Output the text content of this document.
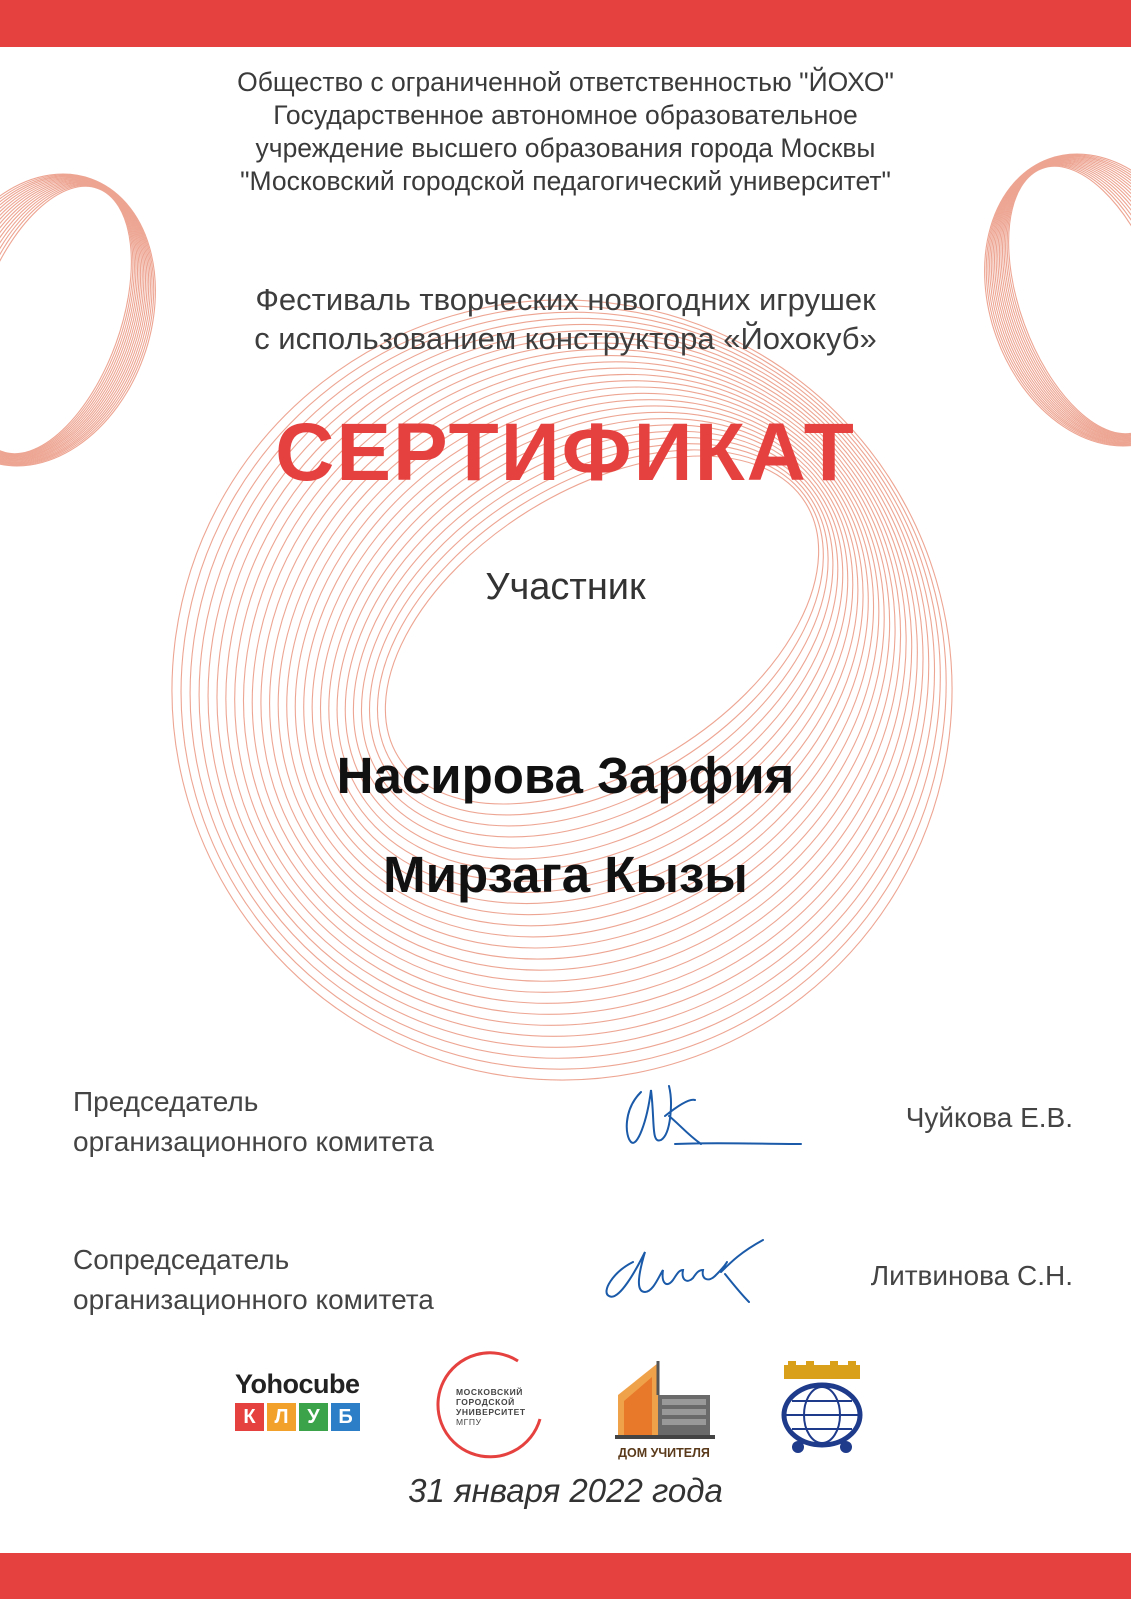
Общество с ограниченной ответственностью "ЙОХО"
Государственное автономное образовательное
учреждение высшего образования города Москвы
"Московский городской педагогический университет"
Фестиваль творческих новогодних игрушек
с использованием конструктора «Йохокуб»
СЕРТИФИКАТ
Участник
Насирова Зарфия
Мирзага Кызы
Председатель
организационного комитета
Чуйкова Е.В.
Сопредседатель
организационного комитета
Литвинова С.Н.
Yohocube
К Л У Б
МОСКОВСКИЙ
ГОРОДСКОЙ
УНИВЕРСИТЕТ
МГПУ
ДОМ УЧИТЕЛЯ
31 января 2022 года
